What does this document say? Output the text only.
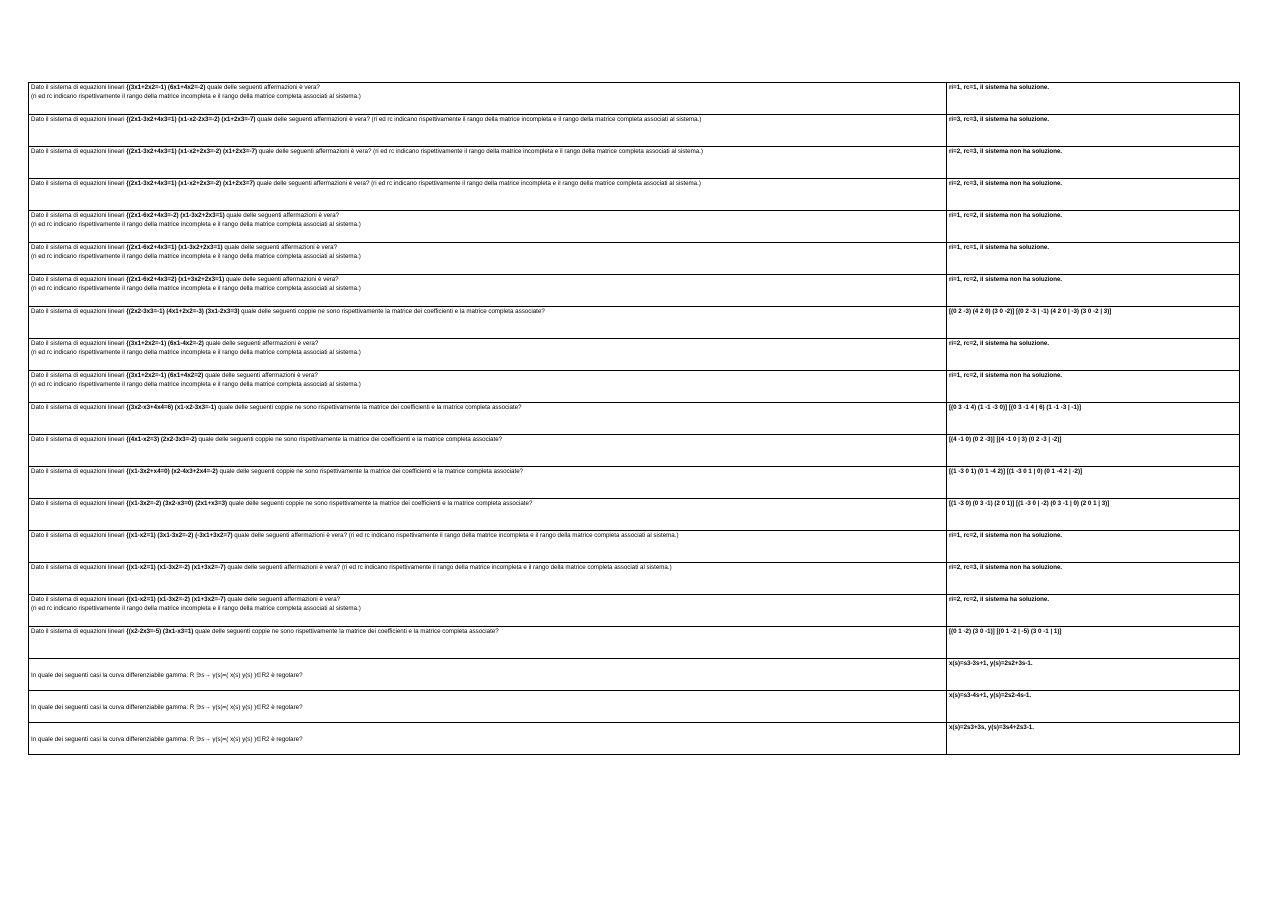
Dato il sistema di equazioni lineari {(3x1+2x2=-1) (6x1+4x2=-2) quale delle seguenti affermazioni è vera?
(ri ed rc indicano rispettivamente il rango della matrice incompleta e il rango della matrice completa associati al sistema.)	ri=1, rc=1, il sistema ha soluzione.

Dato il sistema di equazioni lineari {(2x1-3x2+4x3=1) (x1-x2-2x3=-2) (x1+2x3=-7) quale delle seguenti affermazioni è vera? (ri ed rc indicano rispettivamente il rango della matrice incompleta e il rango della matrice completa associati al sistema.)	ri=3, rc=3, il sistema ha soluzione.

Dato il sistema di equazioni lineari {(2x1-3x2+4x3=1) (x1-x2+2x3=-2) (x1+2x3=-7) quale delle seguenti affermazioni è vera? (ri ed rc indicano rispettivamente il rango della matrice incompleta e il rango della matrice completa associati al sistema.)	ri=2, rc=3, il sistema non ha soluzione.

Dato il sistema di equazioni lineari {(2x1-3x2+4x3=1) (x1-x2+2x3=-2) (x1+2x3=7) quale delle seguenti affermazioni è vera? (ri ed rc indicano rispettivamente il rango della matrice incompleta e il rango della matrice completa associati al sistema.)	ri=2, rc=3, il sistema non ha soluzione.

Dato il sistema di equazioni lineari {(2x1-6x2+4x3=-2) (x1-3x2+2x3=1) quale delle seguenti affermazioni è vera?
(ri ed rc indicano rispettivamente il rango della matrice incompleta e il rango della matrice completa associati al sistema.)	ri=1, rc=2, il sistema non ha soluzione.

Dato il sistema di equazioni lineari {(2x1-6x2+4x3=1) (x1-3x2+2x3=1) quale delle seguenti affermazioni è vera?
(ri ed rc indicano rispettivamente il rango della matrice incompleta e il rango della matrice completa associati al sistema.)	ri=1, rc=1, il sistema ha soluzione.

Dato il sistema di equazioni lineari {(2x1-6x2+4x3=2) (x1+3x2+2x3=1) quale delle seguenti affermazioni è vera?
(ri ed rc indicano rispettivamente il rango della matrice incompleta e il rango della matrice completa associati al sistema.)	ri=1, rc=2, il sistema non ha soluzione.

Dato il sistema di equazioni lineari {(2x2-3x3=-1) (4x1+2x2=-3) (3x1-2x3=3) quale delle seguenti coppie ne sono rispettivamente la matrice dei coefficienti e la matrice completa associate?	[(0 2 -3) (4 2 0) (3 0 -2)] [(0 2 -3 | -1) (4 2 0 | -3) (3 0 -2 | 3)]

Dato il sistema di equazioni lineari {(3x1+2x2=-1) (6x1-4x2=-2) quale delle seguenti affermazioni è vera?
(ri ed rc indicano rispettivamente il rango della matrice incompleta e il rango della matrice completa associati al sistema.)	ri=2, rc=2, il sistema ha soluzione.

Dato il sistema di equazioni lineari {(3x1+2x2=-1) (6x1+4x2=2) quale delle seguenti affermazioni è vera?
(ri ed rc indicano rispettivamente il rango della matrice incompleta e il rango della matrice completa associati al sistema.)	ri=1, rc=2, il sistema non ha soluzione.

Dato il sistema di equazioni lineari {(3x2-x3+4x4=6) (x1-x2-3x3=-1) quale delle seguenti coppie ne sono rispettivamente la matrice dei coefficienti e la matrice completa associate?	[(0 3 -1 4) (1 -1 -3 0)] [(0 3 -1 4 | 6) (1 -1 -3 | -1)]

Dato il sistema di equazioni lineari {(4x1-x2=3) (2x2-3x3=-2) quale delle seguenti coppie ne sono rispettivamente la matrice dei coefficienti e la matrice completa associate?	[(4 -1 0) (0 2 -3)] [(4 -1 0 | 3) (0 2 -3 | -2)]

Dato il sistema di equazioni lineari {(x1-3x2+x4=0) (x2-4x3+2x4=-2) quale delle seguenti coppie ne sono rispettivamente la matrice dei coefficienti e la matrice completa associate?	[(1 -3 0 1) (0 1 -4 2)] [(1 -3 0 1 | 0) (0 1 -4 2 | -2)]

Dato il sistema di equazioni lineari {(x1-3x2=-2) (3x2-x3=0) (2x1+x3=3) quale delle seguenti coppie ne sono rispettivamente la matrice dei coefficienti e la matrice completa associate?	[(1 -3 0) (0 3 -1) (2 0 1)] [(1 -3 0 | -2) (0 3 -1 | 0) (2 0 1 | 3)]

Dato il sistema di equazioni lineari {(x1-x2=1) (3x1-3x2=-2) (-3x1+3x2=7) quale delle seguenti affermazioni è vera? (ri ed rc indicano rispettivamente il rango della matrice incompleta e il rango della matrice completa associati al sistema.)	ri=1, rc=2, il sistema non ha soluzione.

Dato il sistema di equazioni lineari {(x1-x2=1) (x1-3x2=-2) (x1+3x2=-7) quale delle seguenti affermazioni è vera? (ri ed rc indicano rispettivamente il rango della matrice incompleta e il rango della matrice completa associati al sistema.)	ri=2, rc=3, il sistema non ha soluzione.

Dato il sistema di equazioni lineari {(x1-x2=1) (x1-3x2=-2) (x1+3x2=-7) quale delle seguenti affermazioni è vera?
(ri ed rc indicano rispettivamente il rango della matrice incompleta e il rango della matrice completa associati al sistema.)	ri=2, rc=2, il sistema ha soluzione.

Dato il sistema di equazioni lineari {(x2-2x3=-5) (3x1-x3=1) quale delle seguenti coppie ne sono rispettivamente la matrice dei coefficienti e la matrice completa associate?	[(0 1 -2) (3 0 -1)] [(0 1 -2 | -5) (3 0 -1 | 1)]

In quale dei seguenti casi la curva differenziabile gamma: R ∋s→ γ(s)=( x(s) y(s) )∈R2 è regolare?	x(s)=s3-3s+1, y(s)=2s2+3s-1.

In quale dei seguenti casi la curva differenziabile gamma: R ∋s→ γ(s)=( x(s) y(s) )∈R2 è regolare?	x(s)=s3-4s+1, y(s)=2s2-4s-1.

In quale dei seguenti casi la curva differenziabile gamma: R ∋s→ γ(s)=( x(s) y(s) )∈R2 è regolare?	x(s)=2s3+3s, y(s)=3s4+2s3-1.
